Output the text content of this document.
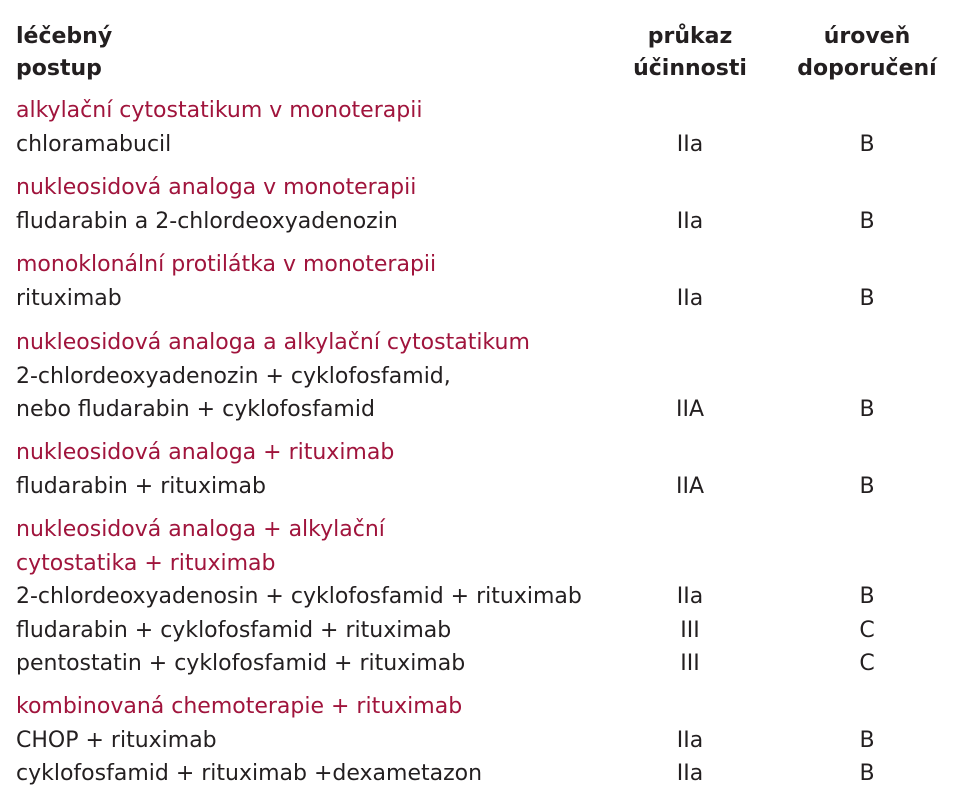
léčebný	průkaz	úroveň
postup	účinnosti	doporučení
alkylační cytostatikum v monoterapii
chloramabucil	IIa	B
nukleosidová analoga v monoterapii
fludarabin a 2-chlordeoxyadenozin	IIa	B
monoklonální protilátka v monoterapii
rituximab	IIa	B
nukleosidová analoga a alkylační cytostatikum
2-chlordeoxyadenozin + cyklofosfamid,
nebo fludarabin + cyklofosfamid	IIA	B
nukleosidová analoga + rituximab
fludarabin + rituximab	IIA	B
nukleosidová analoga + alkylační
cytostatika + rituximab
2-chlordeoxyadenosin + cyklofosfamid + rituximab	IIa	B
fludarabin + cyklofosfamid + rituximab	III	C
pentostatin + cyklofosfamid + rituximab	III	C
kombinovaná chemoterapie + rituximab
CHOP + rituximab	IIa	B
cyklofosfamid + rituximab +dexametazon	IIa	B
